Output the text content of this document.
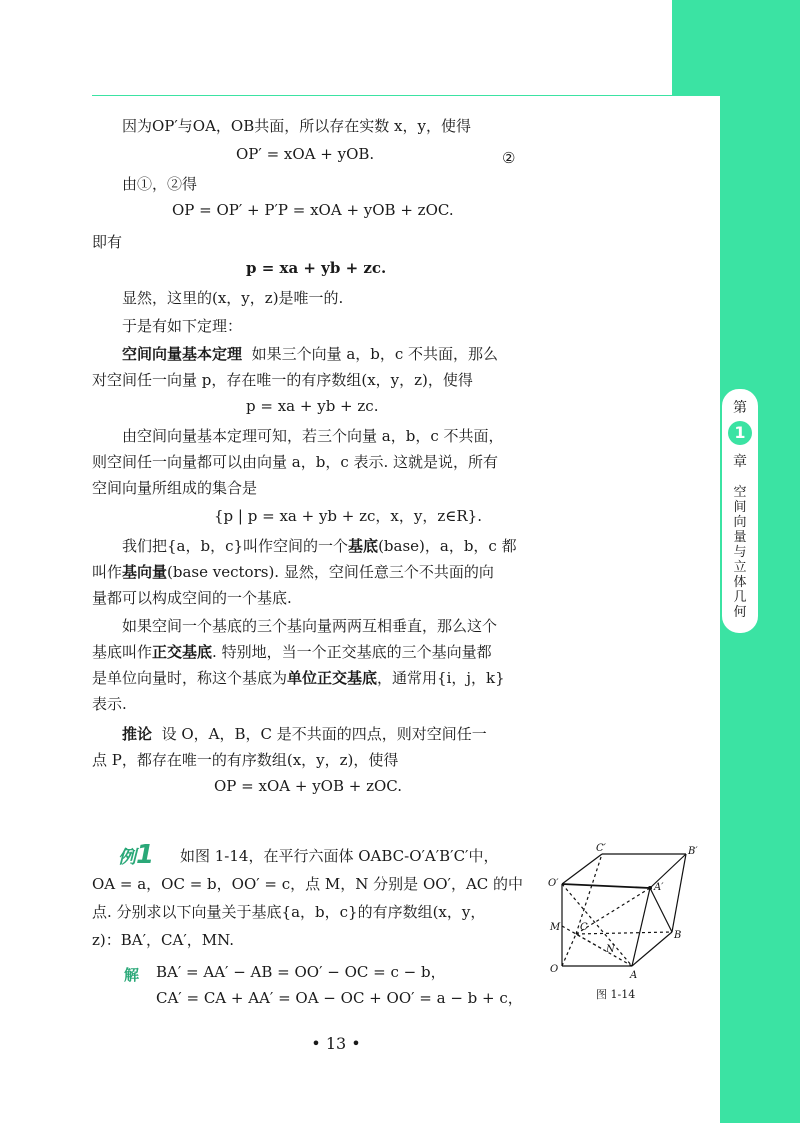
第
1
章
空
间
向
量
与
立
体
几
何
因为OP′与OA，OB共面，所以存在实数 x，y，使得
OP′ = xOA + yOB.	②
由①，②得
OP = OP′ + P′P = xOA + yOB + zOC.
即有
p = xa + yb + zc.
显然，这里的(x，y，z)是唯一的.
于是有如下定理：
空间向量基本定理 如果三个向量 a，b，c 不共面，那么
对空间任一向量 p，存在唯一的有序数组(x，y，z)，使得
p = xa + yb + zc.
由空间向量基本定理可知，若三个向量 a，b，c 不共面，
则空间任一向量都可以由向量 a，b，c 表示. 这就是说，所有
空间向量所组成的集合是
{p | p = xa + yb + zc，x，y，z∈R}.
我们把{a，b，c}叫作空间的一个基底(base)，a，b，c 都
叫作基向量(base vectors). 显然，空间任意三个不共面的向
量都可以构成空间的一个基底.
如果空间一个基底的三个基向量两两互相垂直，那么这个
基底叫作正交基底. 特别地，当一个正交基底的三个基向量都
是单位向量时，称这个基底为单位正交基底，通常用{i，j，k}
表示.
推论 设 O，A，B，C 是不共面的四点，则对空间任一
点 P，都存在唯一的有序数组(x，y，z)，使得
OP = xOA + yOB + zOC.
例1 如图 1-14，在平行六面体 OABC-O′A′B′C′中，
OA = a，OC = b，OO′ = c，点 M，N 分别是 OO′，AC 的中
点. 分别求以下向量关于基底{a，b，c}的有序数组(x，y，
z)：BA′，CA′，MN.
解 BA′ = AA′ − AB = OO′ − OC = c − b，
CA′ = CA + AA′ = OA − OC + OO′ = a − b + c，
O
A
B
C
O′	A′
B′
C′
M
N
图 1-14
• 13 •
